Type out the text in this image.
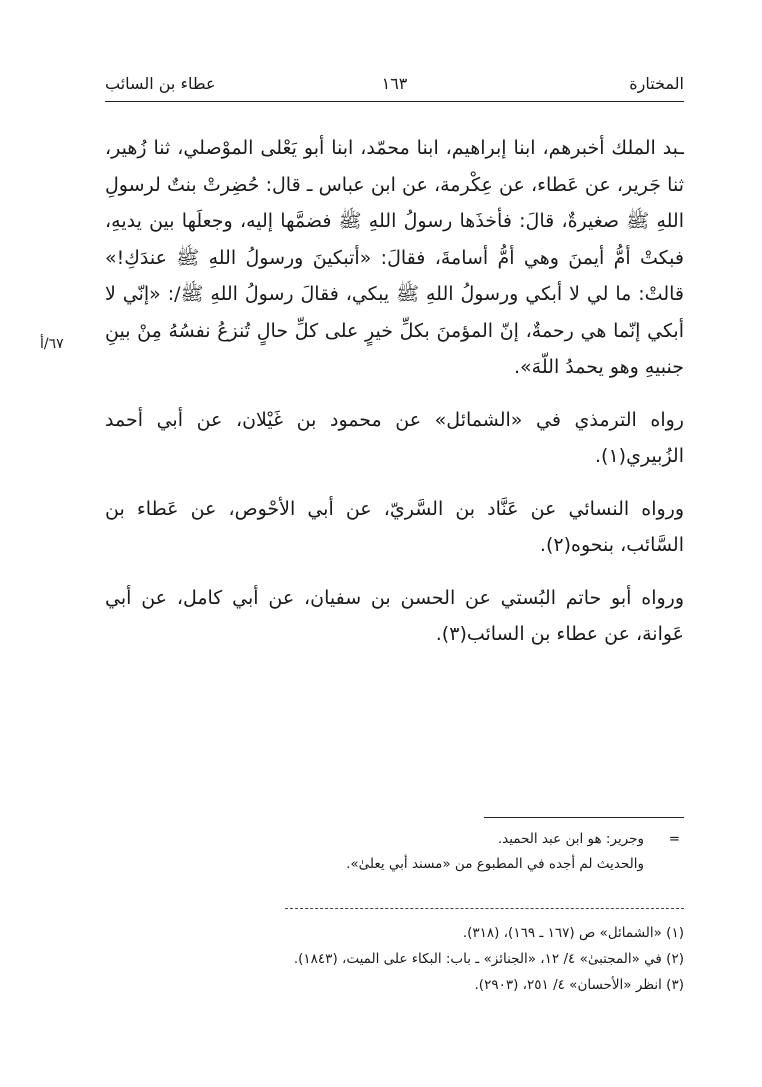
المختارة
١٦٣
عطاء بن السائب
٦٧/أ

ـبد الملك أخبرهم، ابنا إبراهيم، ابنا محمّد، ابنا أبو يَعْلى الموْصلي، ثنا زُهير، ثنا جَرير، عن عَطاء، عن عِكْرمة، عن ابن عباس ـ قال: حُضِرتْ بنتٌ لرسولِ اللهِ ﷺ صغيرةٌ، قالَ: فأخذَها رسولُ اللهِ ﷺ فضمَّها إليه، وجعلَها بين يديهِ، فبكتْ أمُّ أيمنَ وهي أمُّ أسامةَ، فقالَ: «أتبكينَ ورسولُ اللهِ ﷺ عندَكِ!» قالتْ: ما لي لا أبكي ورسولُ اللهِ ﷺ يبكي، فقالَ رسولُ اللهِ ﷺ/: «إنّي لا أبكي إنّما هي رحمةٌ، إنّ المؤمنَ بكلِّ خيرٍ على كلِّ حالٍ تُنزعُ نفسُهُ مِنْ بينِ جنبيهِ وهو يحمدُ اللّهَ».

رواه الترمذي في «الشمائل» عن محمود بن غَيْلان، عن أبي أحمد الزُبيري(١).

ورواه النسائي عن عَنَّاد بن السَّريّ، عن أبي الأحْوص، عن عَطاء بن السَّائب، بنحوه(٢).

ورواه أبو حاتم البُستي عن الحسن بن سفيان، عن أبي كامل، عن أبي عَوانة، عن عطاء بن السائب(٣).

=
وجرير: هو ابن عبد الحميد.
والحديث لم أجده في المطبوع من «مسند أبي يعلىٰ».
(١) «الشمائل» ص (١٦٧ ـ ١٦٩)، (٣١٨).
(٢) في «المجتبىٰ» ٤/ ١٢، «الجنائز» ـ باب: البكاء على الميت، (١٨٤٣).
(٣) انظر «الأحسان» ٤/ ٢٥١، (٢٩٠٣).
